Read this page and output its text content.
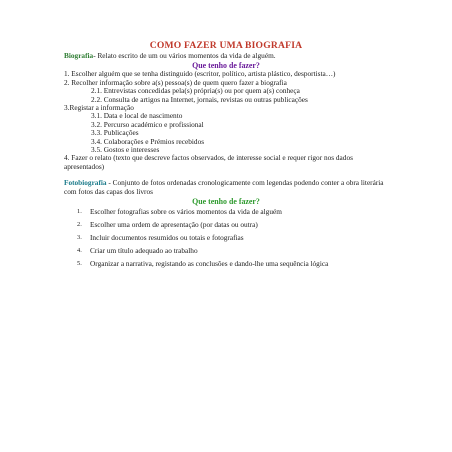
COMO FAZER UMA BIOGRAFIA

Biografia- Relato escrito de um ou vários momentos da vida de alguém.

Que tenho de fazer?

1. Escolher alguém que se tenha distinguido (escritor, político, artista plástico, desportista…)

2. Recolher informação sobre a(s) pessoa(s) de quem quero fazer a biografia

2.1. Entrevistas concedidas pela(s) própria(s) ou por quem a(s) conheça

2.2. Consulta de artigos na Internet, jornais, revistas ou outras publicações

3.Registar a informação

3.1. Data e local de nascimento

3.2. Percurso académico e profissional

3.3. Publicações

3.4. Colaborações e Prémios recebidos

3.5. Gostos e interesses

4. Fazer o relato (texto que descreve factos observados, de interesse social e requer rigor nos dados apresentados)

Fotobiografia - Conjunto de fotos ordenadas cronologicamente com legendas podendo conter a obra literária com fotos das capas dos livros

Que tenho de fazer?
1. Escolher fotografias sobre os vários momentos da vida de alguém
2. Escolher uma ordem de apresentação (por datas ou outra)
3. Incluir documentos resumidos ou totais e fotografias
4. Criar um título adequado ao trabalho
5. Organizar a narrativa, registando as conclusões e dando-lhe uma sequência lógica
